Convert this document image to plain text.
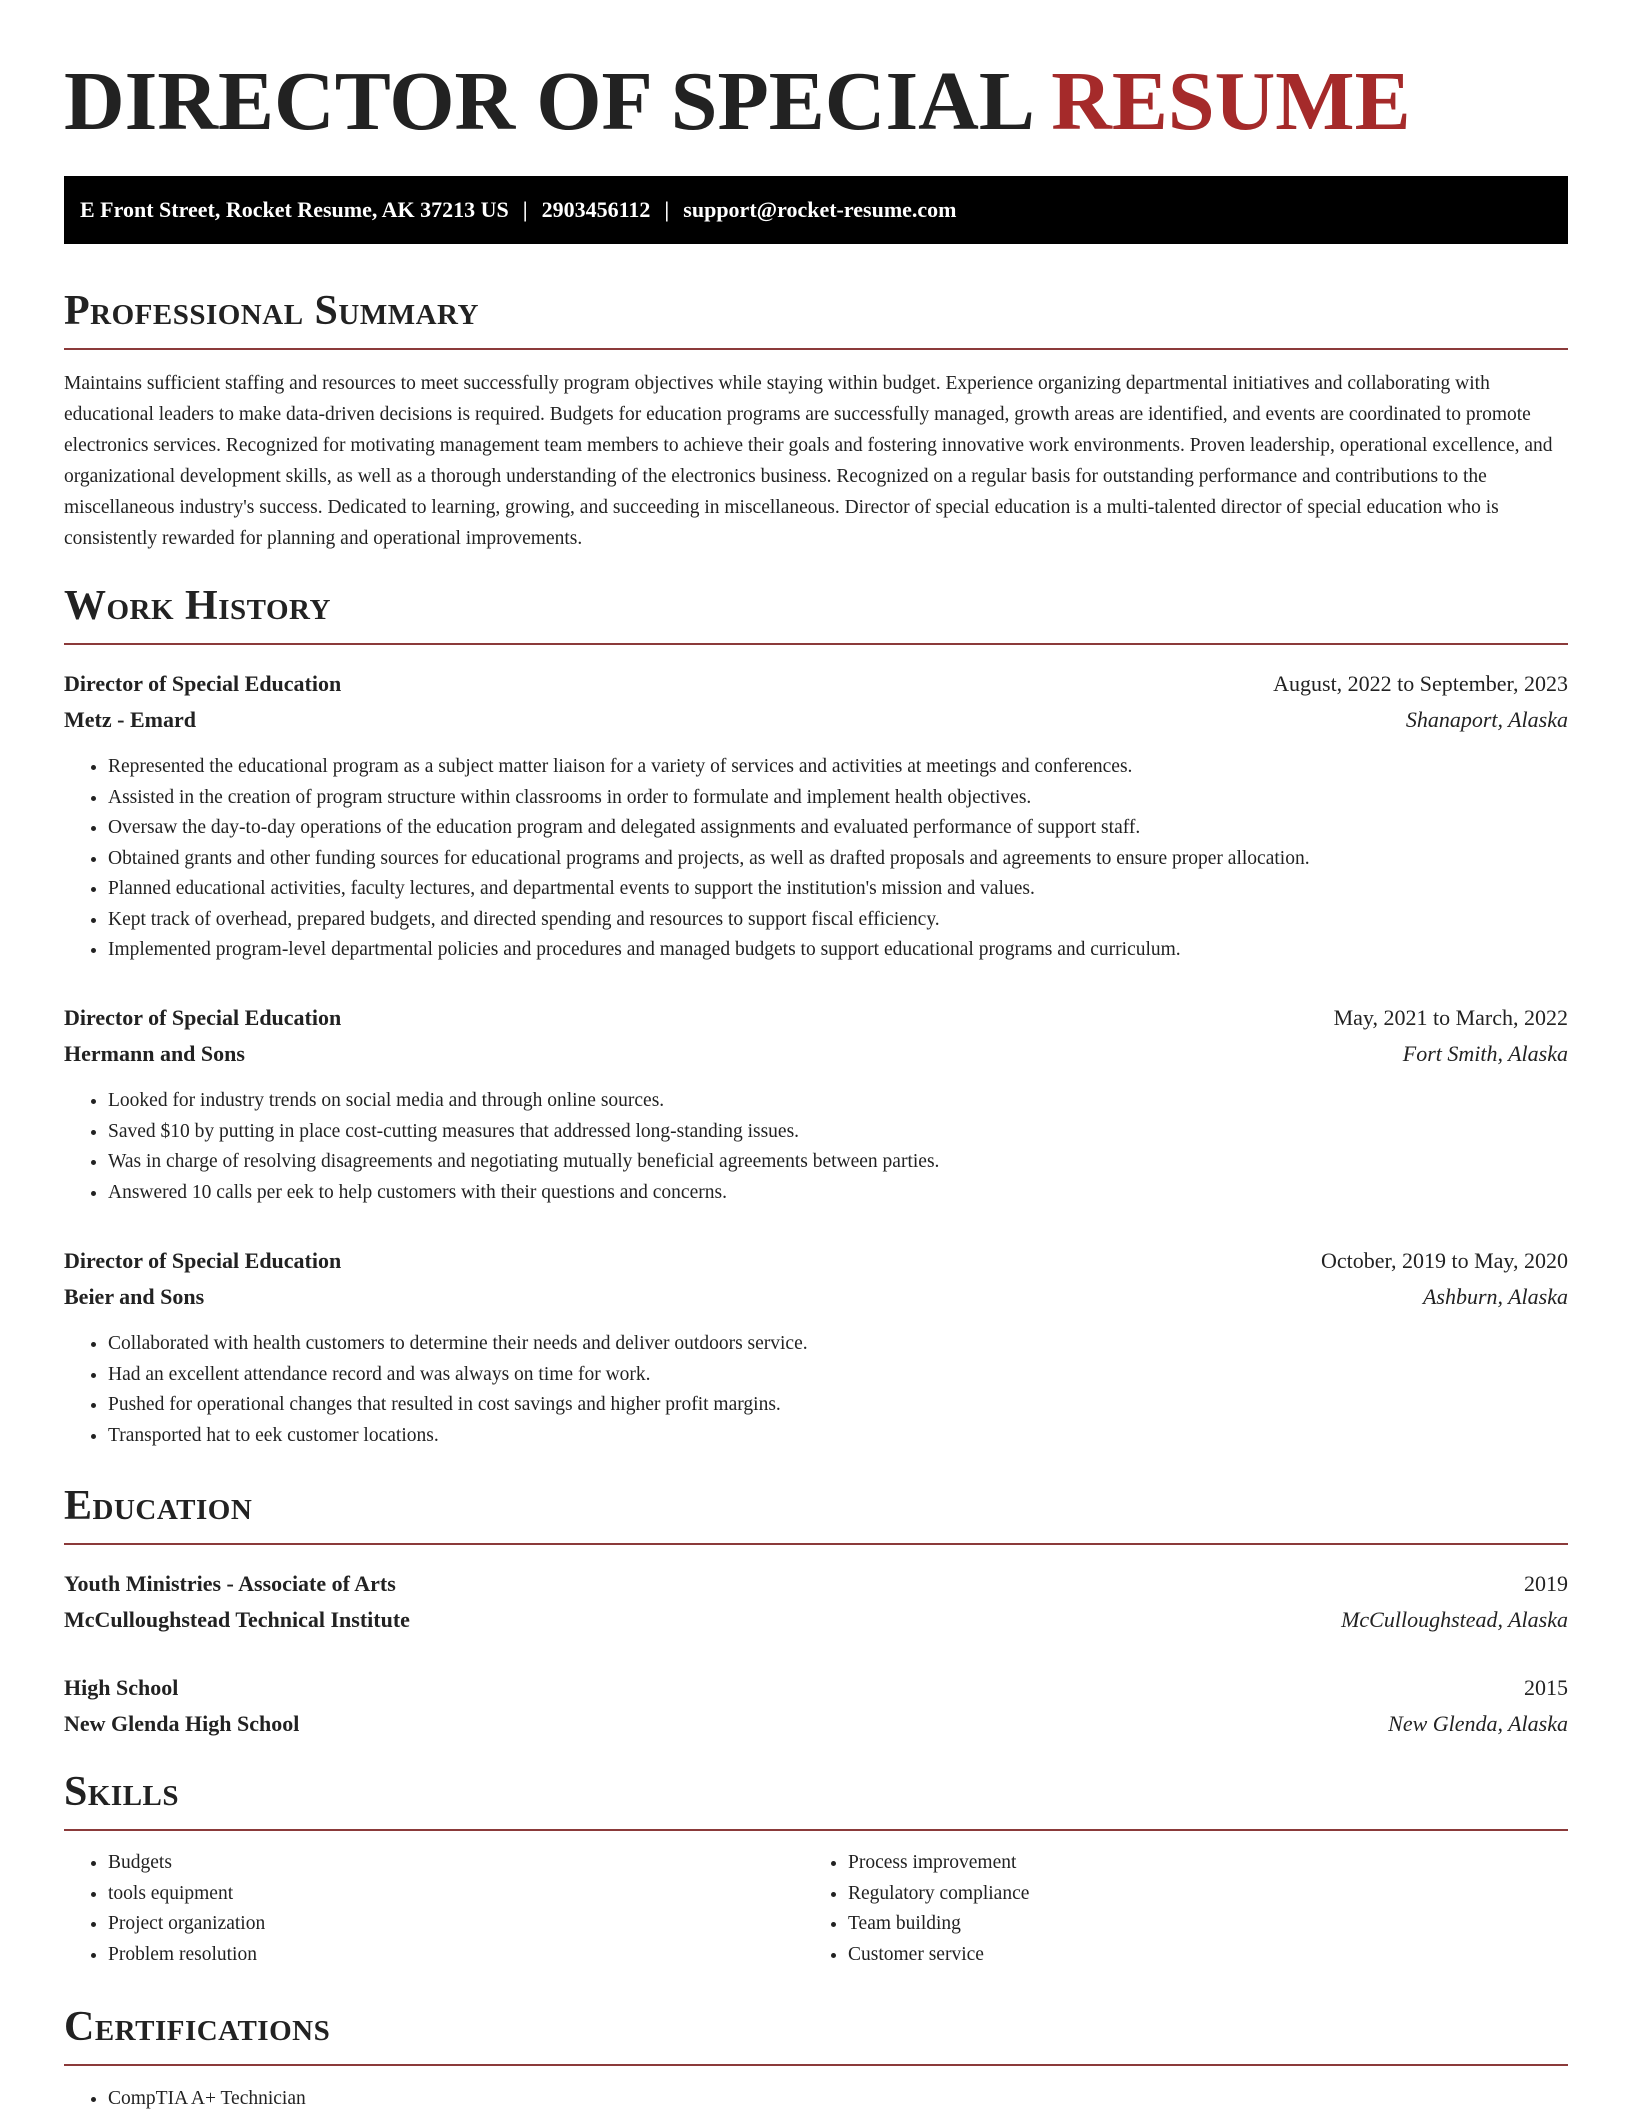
DIRECTOR OF SPECIAL RESUME
E Front Street, Rocket Resume, AK 37213 US | 2903456112 | support@rocket-resume.com
Professional Summary

Maintains sufficient staffing and resources to meet successfully program objectives while staying within budget. Experience organizing departmental initiatives and collaborating with educational leaders to make data-driven decisions is required. Budgets for education programs are successfully managed, growth areas are identified, and events are coordinated to promote electronics services. Recognized for motivating management team members to achieve their goals and fostering innovative work environments. Proven leadership, operational excellence, and organizational development skills, as well as a thorough understanding of the electronics business. Recognized on a regular basis for outstanding performance and contributions to the miscellaneous industry's success. Dedicated to learning, growing, and succeeding in miscellaneous. Director of special education is a multi-talented director of special education who is consistently rewarded for planning and operational improvements.

Work History
Director of Special Education	August, 2022 to September, 2023
Metz - Emard	Shanaport, Alaska
• Represented the educational program as a subject matter liaison for a variety of services and activities at meetings and conferences.
• Assisted in the creation of program structure within classrooms in order to formulate and implement health objectives.
• Oversaw the day-to-day operations of the education program and delegated assignments and evaluated performance of support staff.
• Obtained grants and other funding sources for educational programs and projects, as well as drafted proposals and agreements to ensure proper allocation.
• Planned educational activities, faculty lectures, and departmental events to support the institution's mission and values.
• Kept track of overhead, prepared budgets, and directed spending and resources to support fiscal efficiency.
• Implemented program-level departmental policies and procedures and managed budgets to support educational programs and curriculum.
Director of Special Education	May, 2021 to March, 2022
Hermann and Sons	Fort Smith, Alaska
• Looked for industry trends on social media and through online sources.
• Saved $10 by putting in place cost-cutting measures that addressed long-standing issues.
• Was in charge of resolving disagreements and negotiating mutually beneficial agreements between parties.
• Answered 10 calls per eek to help customers with their questions and concerns.
Director of Special Education	October, 2019 to May, 2020
Beier and Sons	Ashburn, Alaska
• Collaborated with health customers to determine their needs and deliver outdoors service.
• Had an excellent attendance record and was always on time for work.
• Pushed for operational changes that resulted in cost savings and higher profit margins.
• Transported hat to eek customer locations.
Education
Youth Ministries - Associate of Arts	2019
McCulloughstead Technical Institute	McCulloughstead, Alaska
High School	2015
New Glenda High School	New Glenda, Alaska
Skills
• Budgets
• tools equipment
• Project organization
• Problem resolution
• Process improvement
• Regulatory compliance
• Team building
• Customer service
Certifications
• CompTIA A+ Technician
